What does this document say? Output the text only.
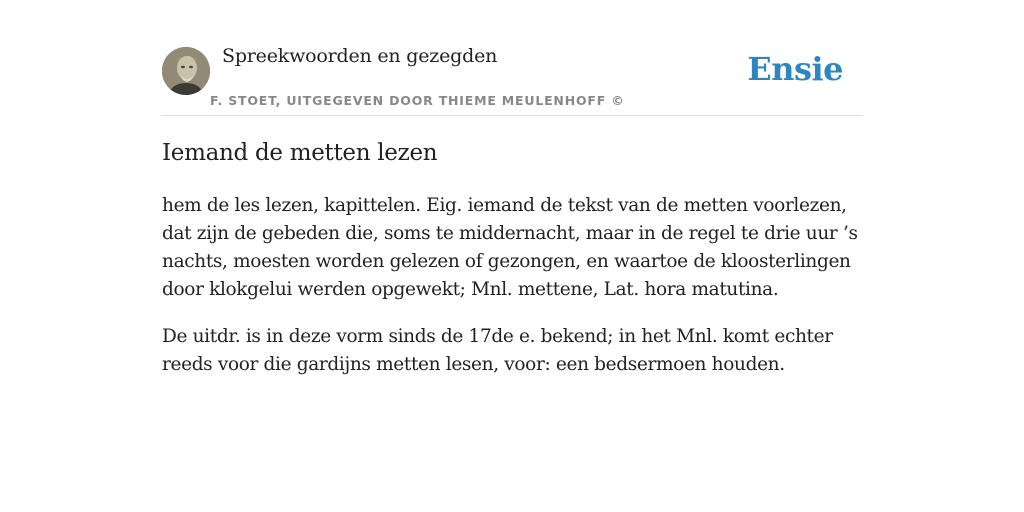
Spreekwoorden en gezegden
F. STOET, UITGEGEVEN DOOR THIEME MEULENHOFF ©
Ensie
Iemand de metten lezen

hem de les lezen, kapittelen. Eig. iemand de tekst van de metten voorlezen, dat zijn de gebeden die, soms te middernacht, maar in de regel te drie uur ’s nachts, moesten worden gelezen of gezongen, en waartoe de kloosterlingen door klokgelui werden opgewekt; Mnl. mettene, Lat. hora matutina.

De uitdr. is in deze vorm sinds de 17de e. bekend; in het Mnl. komt echter reeds voor die gardijns metten lesen, voor: een bedsermoen houden.
